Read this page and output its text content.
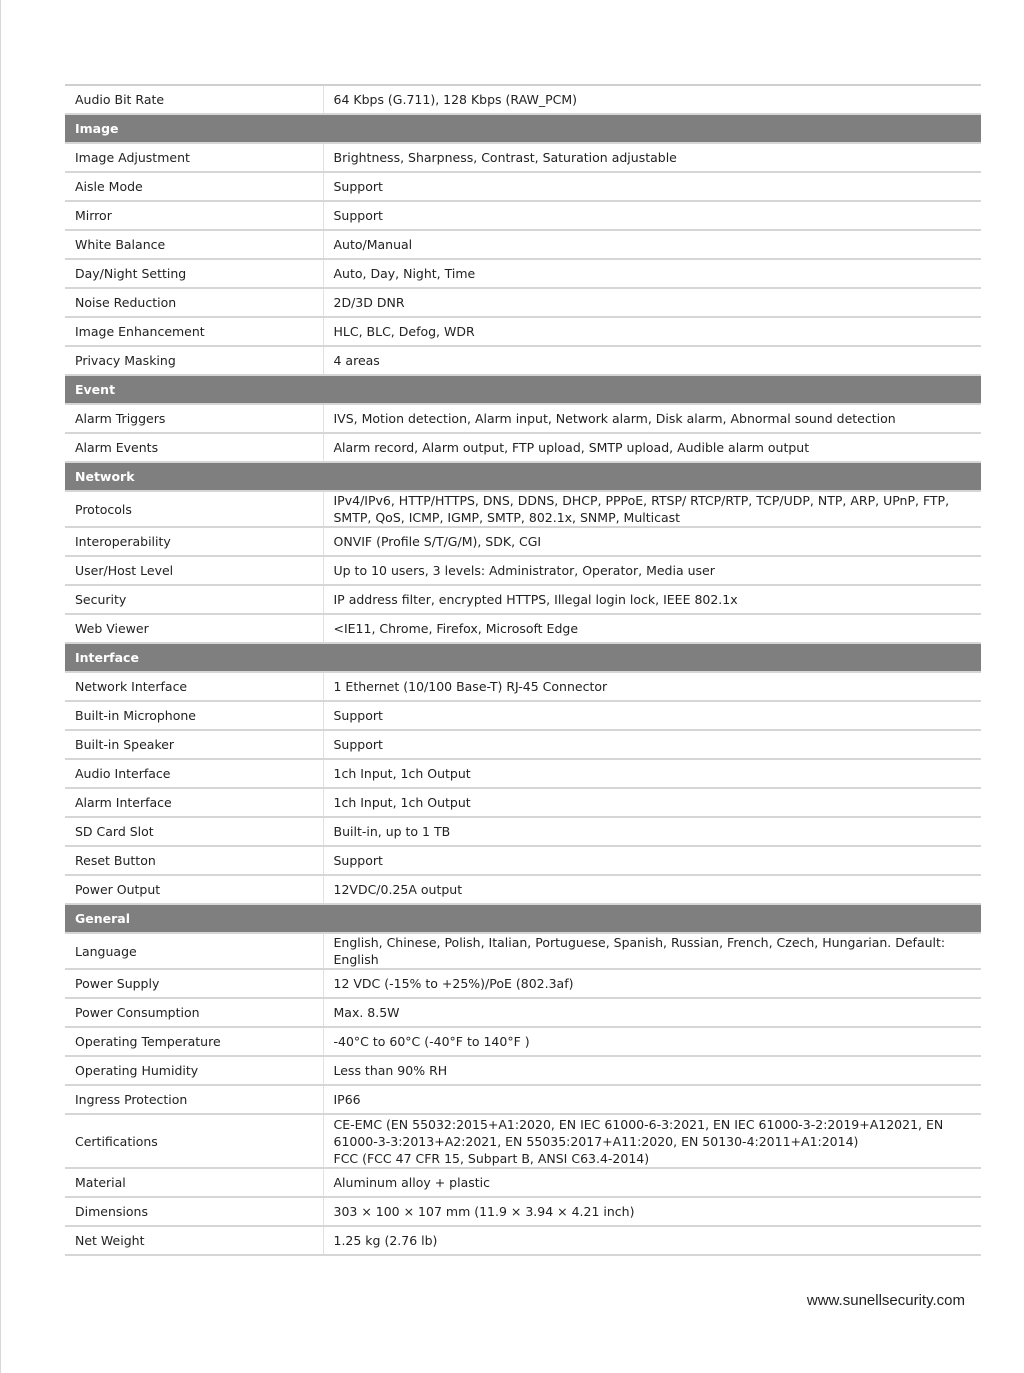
Audio Bit Rate	64 Kbps (G.711), 128 Kbps (RAW_PCM)
Image	
Image Adjustment	Brightness, Sharpness, Contrast, Saturation adjustable
Aisle Mode	Support
Mirror	Support
White Balance	Auto/Manual
Day/Night Setting	Auto, Day, Night, Time
Noise Reduction	2D/3D DNR
Image Enhancement	HLC, BLC, Defog, WDR
Privacy Masking	4 areas
Event	
Alarm Triggers	IVS, Motion detection, Alarm input, Network alarm, Disk alarm, Abnormal sound detection
Alarm Events	Alarm record, Alarm output, FTP upload, SMTP upload, Audible alarm output
Network	
Protocols	IPv4/IPv6, HTTP/HTTPS, DNS, DDNS, DHCP, PPPoE, RTSP/ RTCP/RTP, TCP/UDP, NTP, ARP, UPnP, FTP, SMTP, QoS, ICMP, IGMP, SMTP, 802.1x, SNMP, Multicast
Interoperability	ONVIF (Profile S/T/G/M), SDK, CGI
User/Host Level	Up to 10 users, 3 levels: Administrator, Operator, Media user
Security	IP address filter, encrypted HTTPS, Illegal login lock, IEEE 802.1x
Web Viewer	<IE11, Chrome, Firefox, Microsoft Edge
Interface	
Network Interface	1 Ethernet (10/100 Base-T) RJ-45 Connector
Built-in Microphone	Support
Built-in Speaker	Support
Audio Interface	1ch Input, 1ch Output
Alarm Interface	1ch Input, 1ch Output
SD Card Slot	Built-in, up to 1 TB
Reset Button	Support
Power Output	12VDC/0.25A output
General	
Language	English, Chinese, Polish, Italian, Portuguese, Spanish, Russian, French, Czech, Hungarian. Default: English
Power Supply	12 VDC (-15% to +25%)/PoE (802.3af)
Power Consumption	Max. 8.5W
Operating Temperature	-40°C to 60°C (-40°F to 140°F )
Operating Humidity	Less than 90% RH
Ingress Protection	IP66
Certifications	CE-EMC (EN 55032:2015+A1:2020, EN IEC 61000-6-3:2021, EN IEC 61000-3-2:2019+A12021, EN 61000-3-3:2013+A2:2021, EN 55035:2017+A11:2020, EN 50130-4:2011+A1:2014)
FCC (FCC 47 CFR 15, Subpart B, ANSI C63.4-2014)

Material	Aluminum alloy + plastic
Dimensions	303 × 100 × 107 mm (11.9 × 3.94 × 4.21 inch)
Net Weight	1.25 kg (2.76 lb)
www.sunellsecurity.com
